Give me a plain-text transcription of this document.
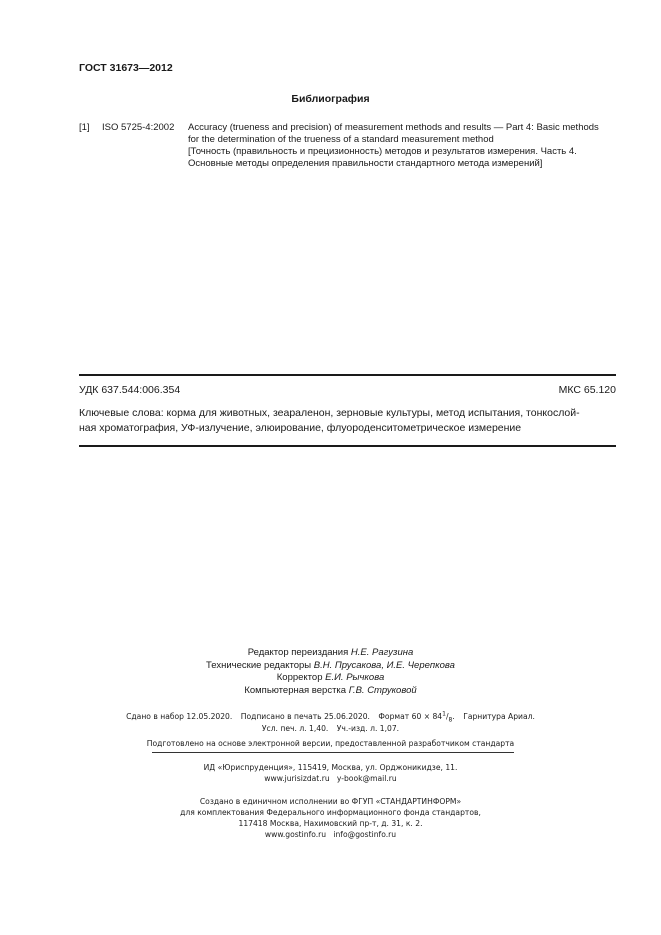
ГОСТ 31673—2012
Библиография
[1] ISO 5725-4:2002 Accuracy (trueness and precision) of measurement methods and results — Part 4: Basic methods
for the determination of the trueness of a standard measurement method
[Точность (правильность и прецизионность) методов и результатов измерения. Часть 4.
Основные методы определения правильности стандартного метода измерений]
УДК 637.544:006.354	МКС 65.120
Ключевые слова: корма для животных, зеараленон, зерновые культуры, метод испытания, тонкослой-
ная хроматография, УФ-излучение, элюирование, флуороденситометрическое измерение
Редактор переиздания Н.Е. Рагузина
Технические редакторы В.Н. Прусакова, И.Е. Черепкова
Корректор Е.И. Рычкова
Компьютерная верстка Г.В. Струковой
Сдано в набор 12.05.2020. Подписано в печать 25.06.2020. Формат $60 \times 84^1/_8$. Гарнитура Ариал.
Усл. печ. л. 1,40. Уч.-изд. л. 1,07.
Подготовлено на основе электронной версии, предоставленной разработчиком стандарта
ИД «Юриспруденция», 115419, Москва, ул. Орджоникидзе, 11.
www.jurisizdat.ru y-book@mail.ru
Создано в единичном исполнении во ФГУП «СТАНДАРТИНФОРМ»
для комплектования Федерального информационного фонда стандартов,
117418 Москва, Нахимовский пр-т, д. 31, к. 2.
www.gostinfo.ru info@gostinfo.ru
